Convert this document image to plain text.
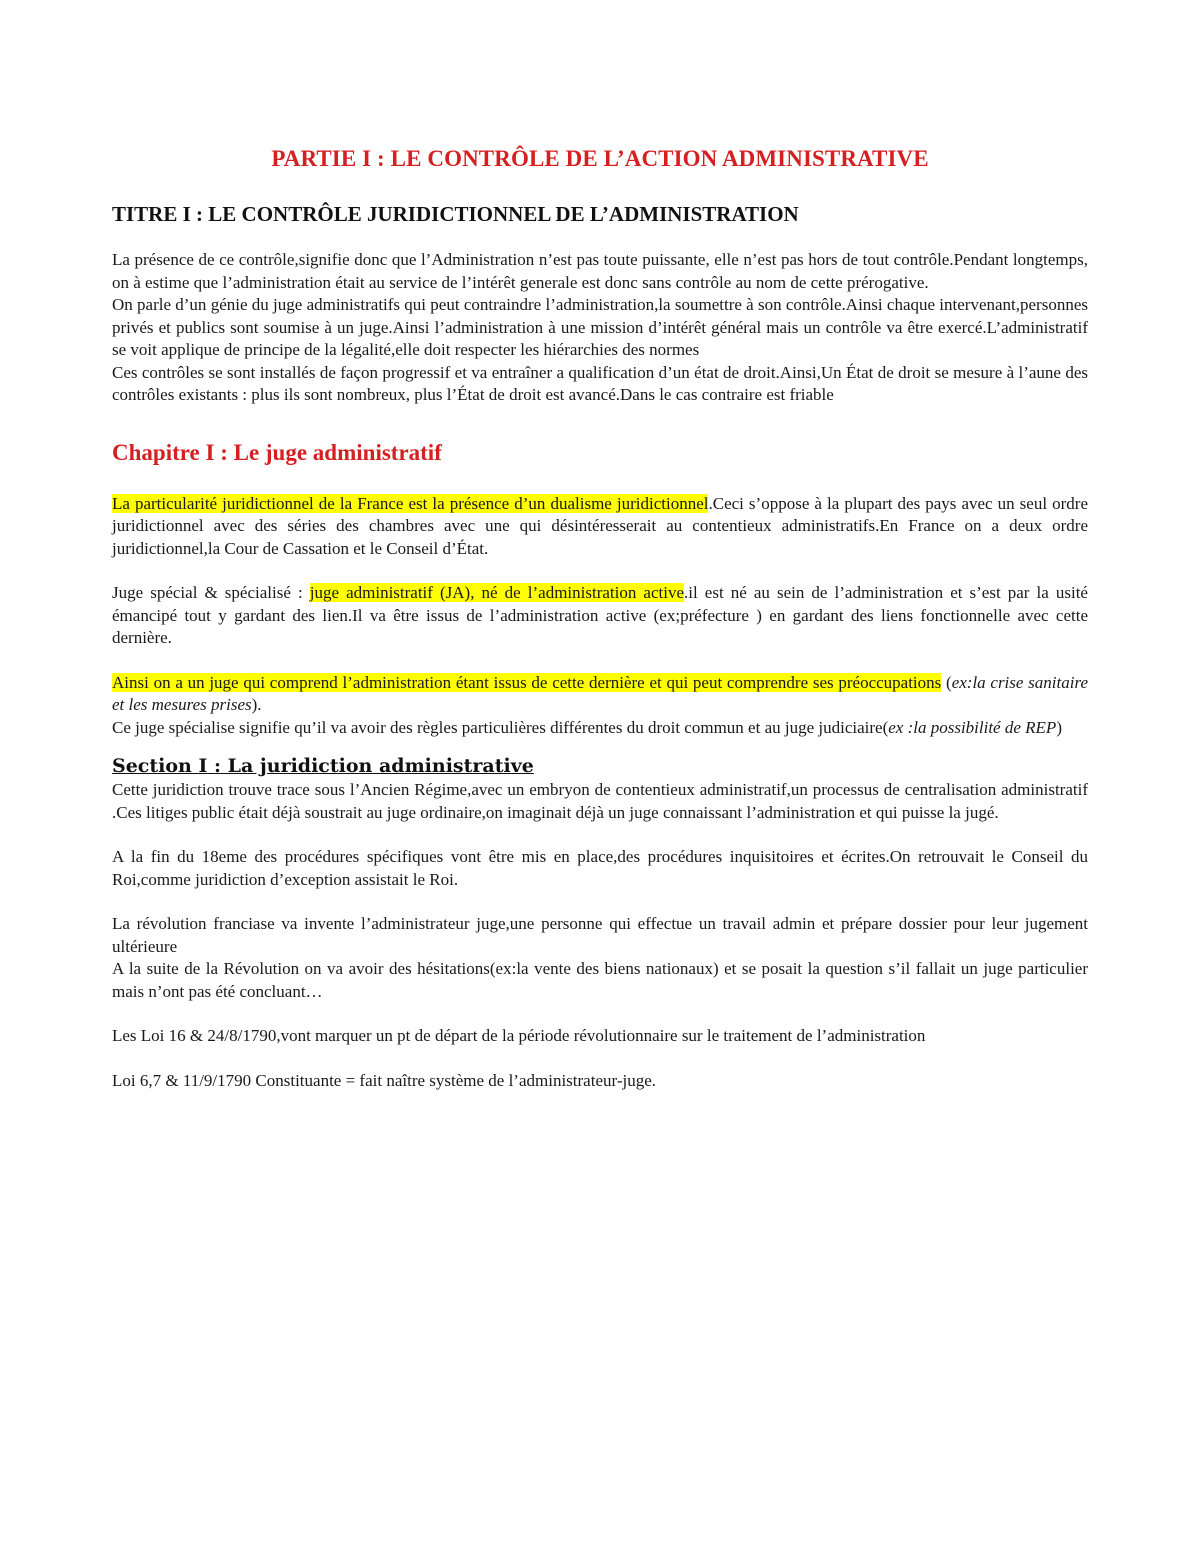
PARTIE I : LE CONTRÔLE DE L’ACTION ADMINISTRATIVE
TITRE I : LE CONTRÔLE JURIDICTIONNEL DE L’ADMINISTRATION

La présence de ce contrôle,signifie donc que l’Administration n’est pas toute puissante, elle n’est pas hors de tout contrôle.Pendant longtemps, on à estime que l’administration était au service de l’intérêt generale est donc sans contrôle au nom de cette prérogative.

On parle d’un génie du juge administratifs qui peut contraindre l’administration,la soumettre à son contrôle.Ainsi chaque intervenant,personnes privés et publics sont soumise à un juge.Ainsi l’administration à une mission d’intérêt général mais un contrôle va être exercé.L’administratif se voit applique de principe de la légalité,elle doit respecter les hiérarchies des normes

Ces contrôles se sont installés de façon progressif et va entraîner a qualification d’un état de droit.Ainsi,Un État de droit se mesure à l’aune des contrôles existants : plus ils sont nombreux, plus l’État de droit est avancé.Dans le cas contraire est friable

Chapitre I : Le juge administratif

La particularité juridictionnel de la France est la présence d’un dualisme juridictionnel.Ceci s’oppose à la plupart des pays avec un seul ordre juridictionnel avec des séries des chambres avec une qui désintéresserait au contentieux administratifs.En France on a deux ordre juridictionnel,la Cour de Cassation et le Conseil d’État.

Juge spécial & spécialisé : juge administratif (JA), né de l’administration active.il est né au sein de l’administration et s’est par la usité émancipé tout y gardant des lien.Il va être issus de l’administration active (ex;préfecture ) en gardant des liens fonctionnelle avec cette dernière.

Ainsi on a un juge qui comprend l’administration étant issus de cette dernière et qui peut comprendre ses préoccupations (ex:la crise sanitaire et les mesures prises).

Ce juge spécialise signifie qu’il va avoir des règles particulières différentes du droit commun et au juge judiciaire(ex :la possibilité de REP)

Section I : La juridiction administrative

Cette juridiction trouve trace sous l’Ancien Régime,avec un embryon de contentieux administratif,un processus de centralisation administratif .Ces litiges public était déjà soustrait au juge ordinaire,on imaginait déjà un juge connaissant l’administration et qui puisse la jugé.

A la fin du 18eme des procédures spécifiques vont être mis en place,des procédures inquisitoires et écrites.On retrouvait le Conseil du Roi,comme juridiction d’exception assistait le Roi.

La révolution franciase va invente l’administrateur juge,une personne qui effectue un travail admin et prépare dossier pour leur jugement ultérieure

A la suite de la Révolution on va avoir des hésitations(ex:la vente des biens nationaux) et se posait la question s’il fallait un juge particulier mais n’ont pas été concluant…

Les Loi 16 & 24/8/1790,vont marquer un pt de départ de la période révolutionnaire sur le traitement de l’administration

Loi 6,7 & 11/9/1790 Constituante = fait naître système de l’administrateur-juge.
